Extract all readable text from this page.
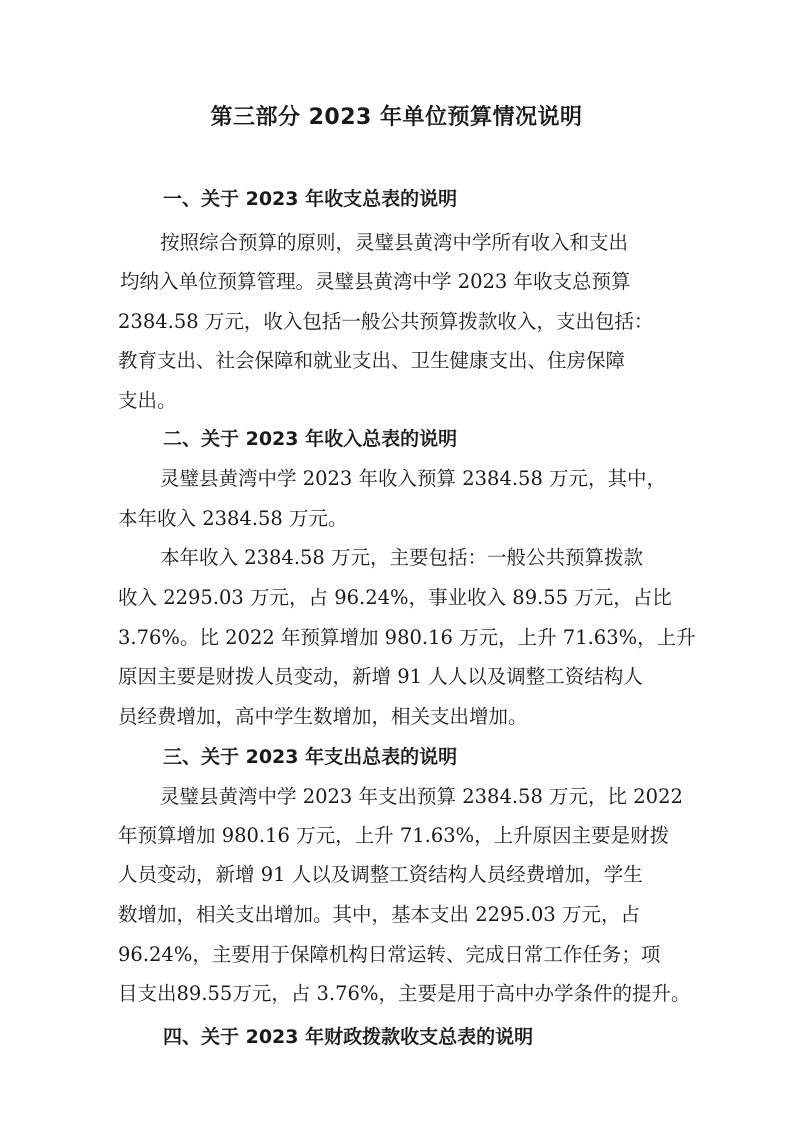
第三部分 2023 年单位预算情况说明
一、关于 2023 年收支总表的说明
按照综合预算的原则，灵璧县黄湾中学所有收入和支出
均纳入单位预算管理。灵璧县黄湾中学 2023 年收支总预算
2384.58 万元，收入包括一般公共预算拨款收入，支出包括：
教育支出、社会保障和就业支出、卫生健康支出、住房保障
支出。
二、关于 2023 年收入总表的说明
灵璧县黄湾中学 2023 年收入预算 2384.58 万元，其中，
本年收入 2384.58 万元。
本年收入 2384.58 万元，主要包括：一般公共预算拨款
收入 2295.03 万元，占 96.24%，事业收入 89.55 万元，占比
3.76%。比 2022 年预算增加 980.16 万元，上升 71.63%，上升
原因主要是财拨人员变动，新增 91 人人以及调整工资结构人
员经费增加，高中学生数增加，相关支出增加。
三、关于 2023 年支出总表的说明
灵璧县黄湾中学 2023 年支出预算 2384.58 万元，比 2022
年预算增加 980.16 万元，上升 71.63%，上升原因主要是财拨
人员变动，新增 91 人以及调整工资结构人员经费增加，学生
数增加，相关支出增加。其中，基本支出 2295.03 万元，占
96.24%，主要用于保障机构日常运转、完成日常工作任务；项
目支出89.55万元，占 3.76%，主要是用于高中办学条件的提升。
四、关于 2023 年财政拨款收支总表的说明
